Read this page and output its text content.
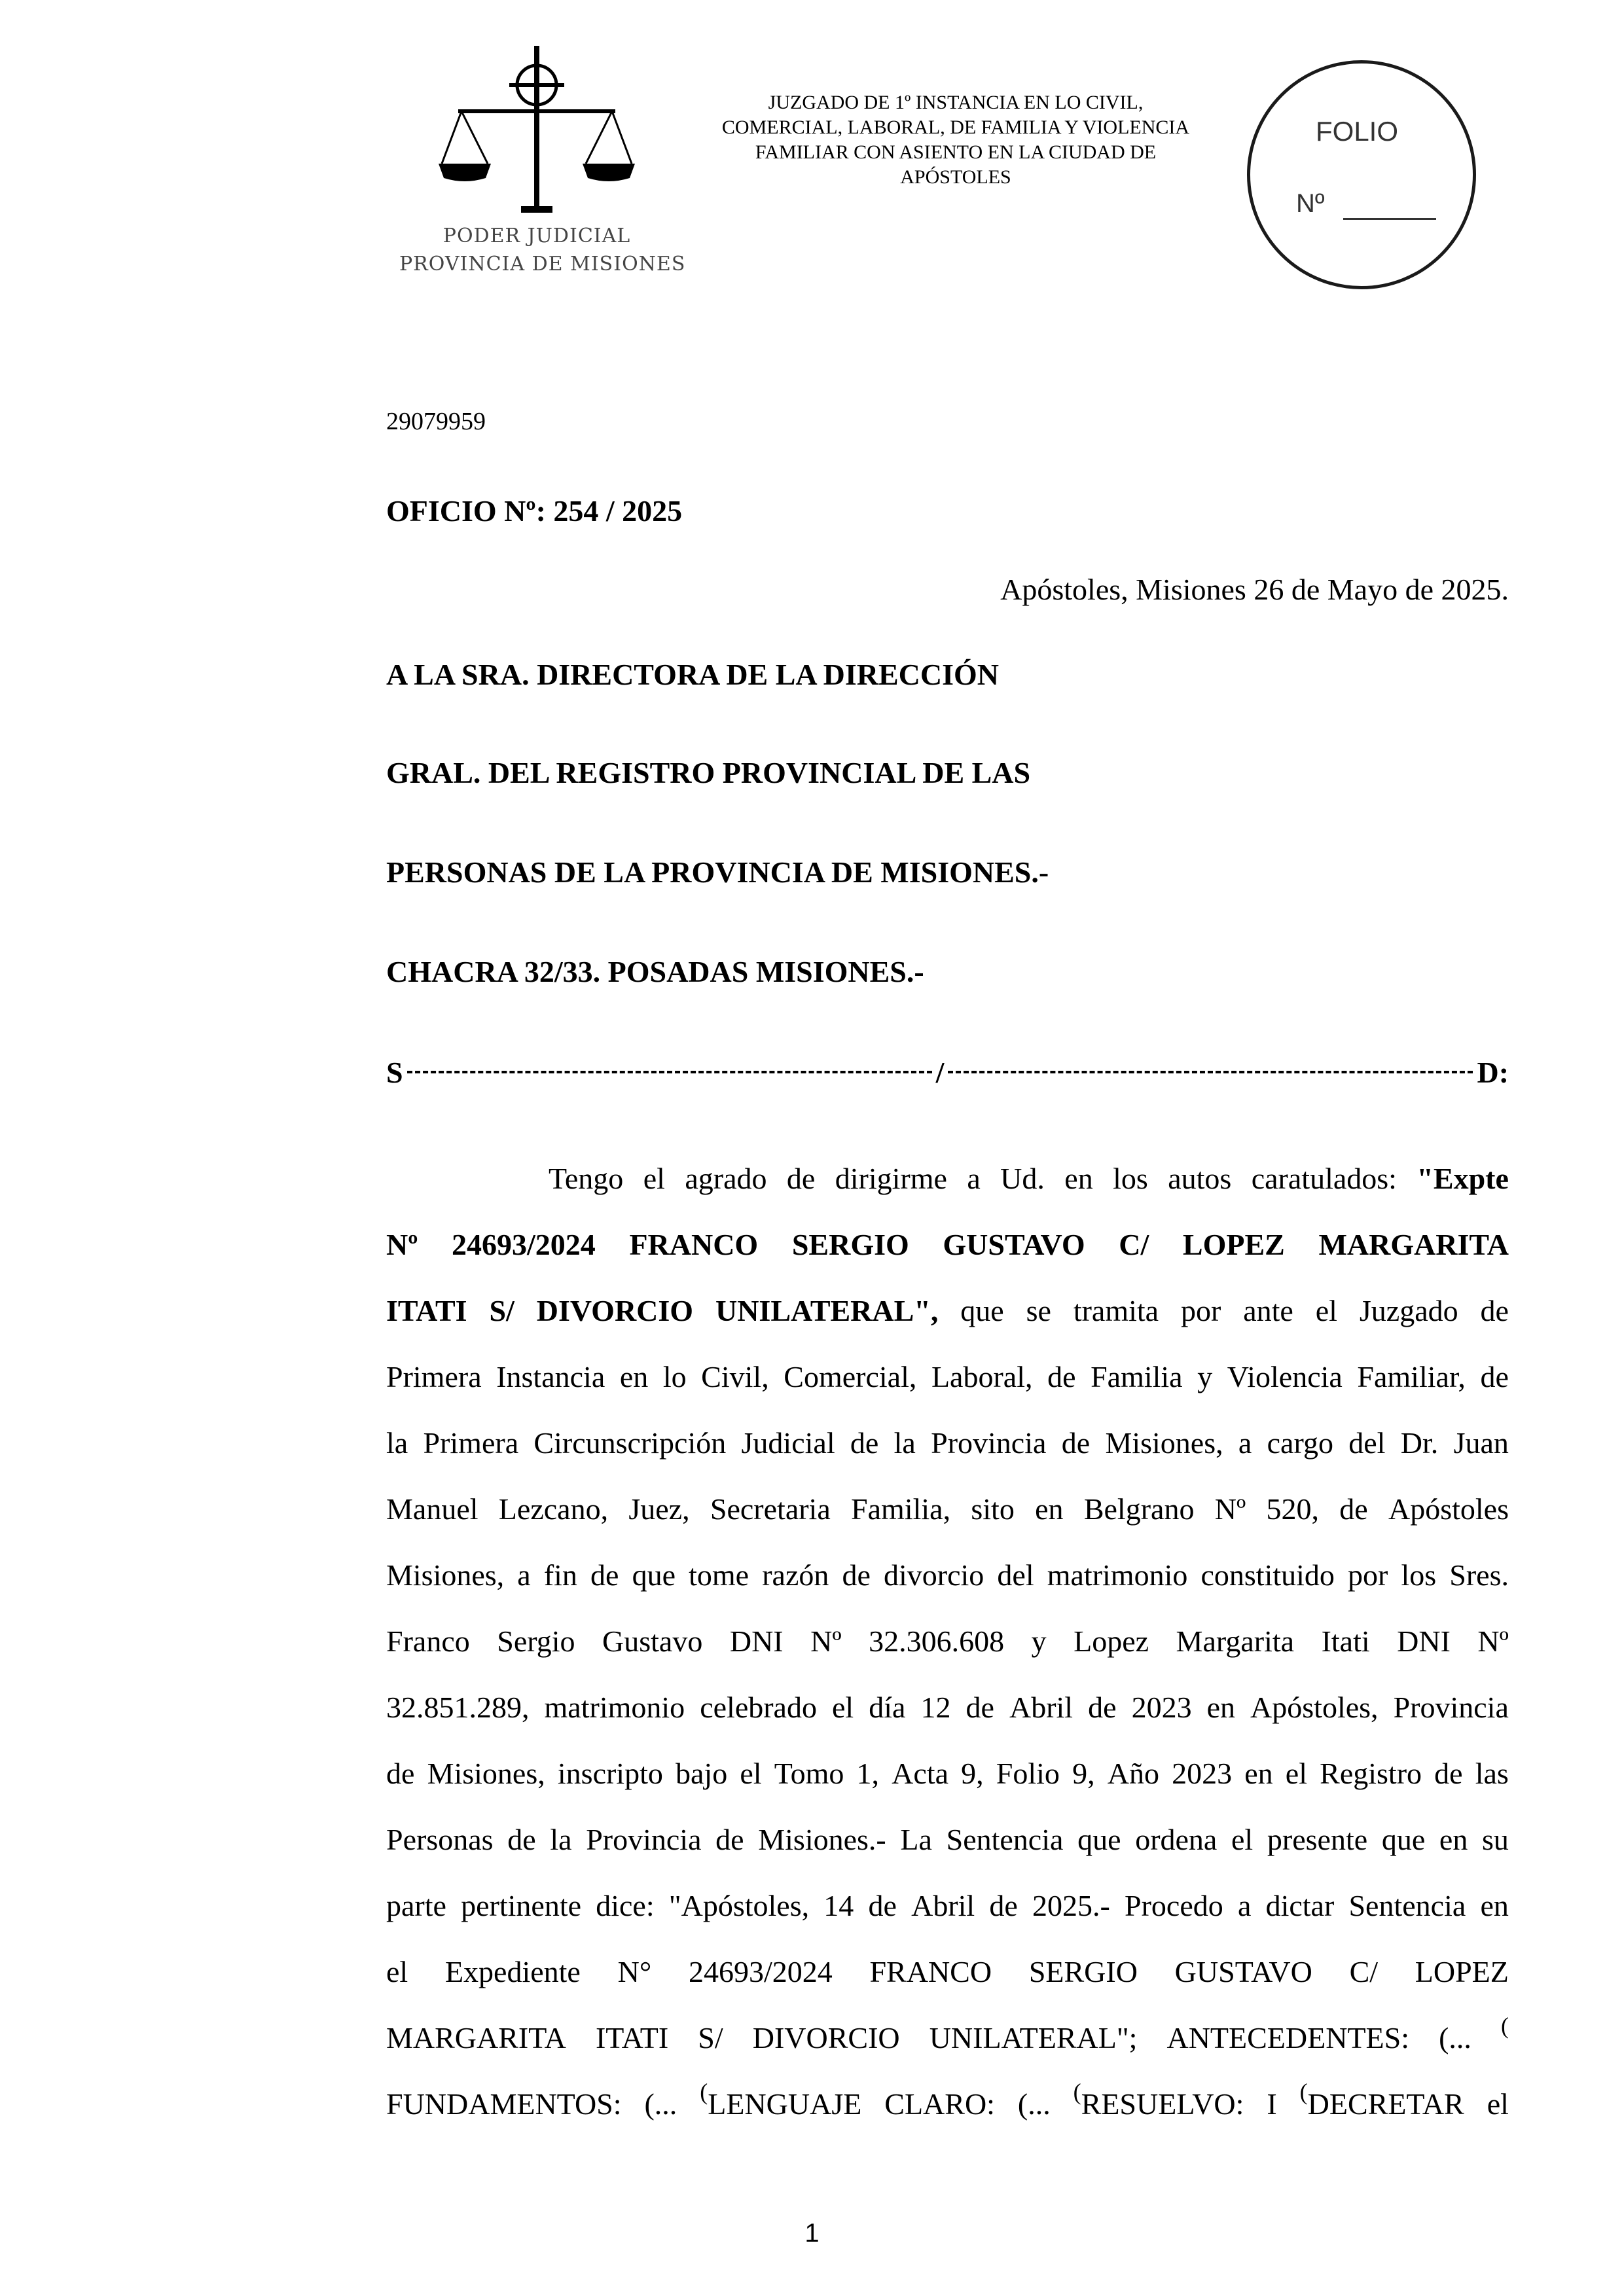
PODER JUDICIAL
PROVINCIA DE MISIONES
JUZGADO DE 1º INSTANCIA EN LO CIVIL,
COMERCIAL, LABORAL, DE FAMILIA Y VIOLENCIA
FAMILIAR CON ASIENTO EN LA CIUDAD DE
APÓSTOLES
FOLIO
Nº
29079959
OFICIO Nº: 254 / 2025
Apóstoles, Misiones 26 de Mayo de 2025.
A LA SRA. DIRECTORA DE LA DIRECCIÓN
GRAL. DEL REGISTRO PROVINCIAL DE LAS
PERSONAS DE LA PROVINCIA DE MISIONES.-
CHACRA 32/33. POSADAS MISIONES.-
S	/	D:
Tengo el agrado de dirigirme a Ud. en los autos caratulados: "Expte
Nº 24693/2024 FRANCO SERGIO GUSTAVO C/ LOPEZ MARGARITA
ITATI S/ DIVORCIO UNILATERAL", que se tramita por ante el Juzgado de
Primera Instancia en lo Civil, Comercial, Laboral, de Familia y Violencia Familiar, de
la Primera Circunscripción Judicial de la Provincia de Misiones, a cargo del Dr. Juan
Manuel Lezcano, Juez, Secretaria Familia, sito en Belgrano Nº 520, de Apóstoles
Misiones, a fin de que tome razón de divorcio del matrimonio constituido por los Sres.
Franco Sergio Gustavo DNI Nº 32.306.608 y Lopez Margarita Itati DNI Nº
32.851.289, matrimonio celebrado el día 12 de Abril de 2023 en Apóstoles, Provincia
de Misiones, inscripto bajo el Tomo 1, Acta 9, Folio 9, Año 2023 en el Registro de las
Personas de la Provincia de Misiones.- La Sentencia que ordena el presente que en su
parte pertinente dice: "Apóstoles, 14 de Abril de 2025.- Procedo a dictar Sentencia en
el Expediente N° 24693/2024 FRANCO SERGIO GUSTAVO C/ LOPEZ
MARGARITA ITATI S/ DIVORCIO UNILATERAL"; ANTECEDENTES: (... (
FUNDAMENTOS: (... (LENGUAJE CLARO: (... (RESUELVO: I (DECRETAR el
1
